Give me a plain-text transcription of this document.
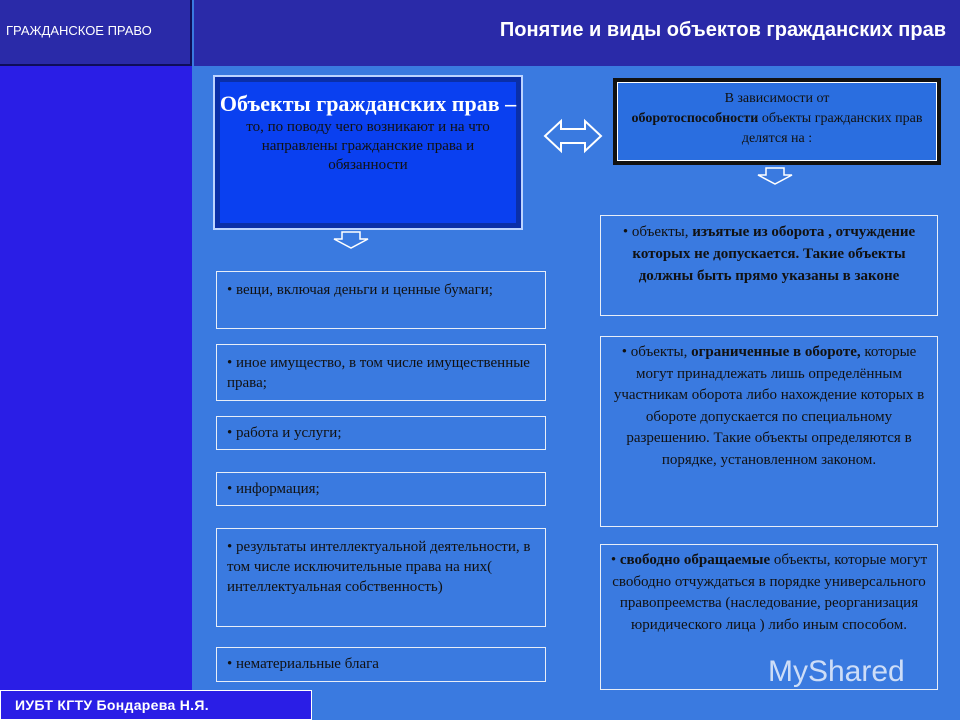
ГРАЖДАНСКОЕ ПРАВО	Понятие и виды объектов гражданских прав
Объекты гражданских прав –
то, по поводу чего возникают и на что направлены гражданские права и обязанности
В зависимости от
оборотоспособности объекты гражданских прав делятся на :
• вещи, включая деньги и ценные бумаги;
• иное имущество, в том числе имущественные права;
• работа и услуги;
• информация;
• результаты интеллектуальной деятельности, в том числе исключительные права на них( интеллектуальная собственность)
• нематериальные блага
• объекты, изъятые из оборота , отчуждение которых не допускается. Такие объекты должны быть прямо указаны в законе
• объекты, ограниченные в обороте, которые могут принадлежать лишь определённым участникам оборота либо нахождение которых в обороте допускается по специальному разрешению. Такие объекты определяются в порядке, установленном законом.
• свободно обращаемые объекты, которые могут свободно отчуждаться в порядке универсального правопреемства (наследование, реорганизация юридического лица ) либо иным способом.
ИУБТ КГТУ Бондарева Н.Я.
MyShared
